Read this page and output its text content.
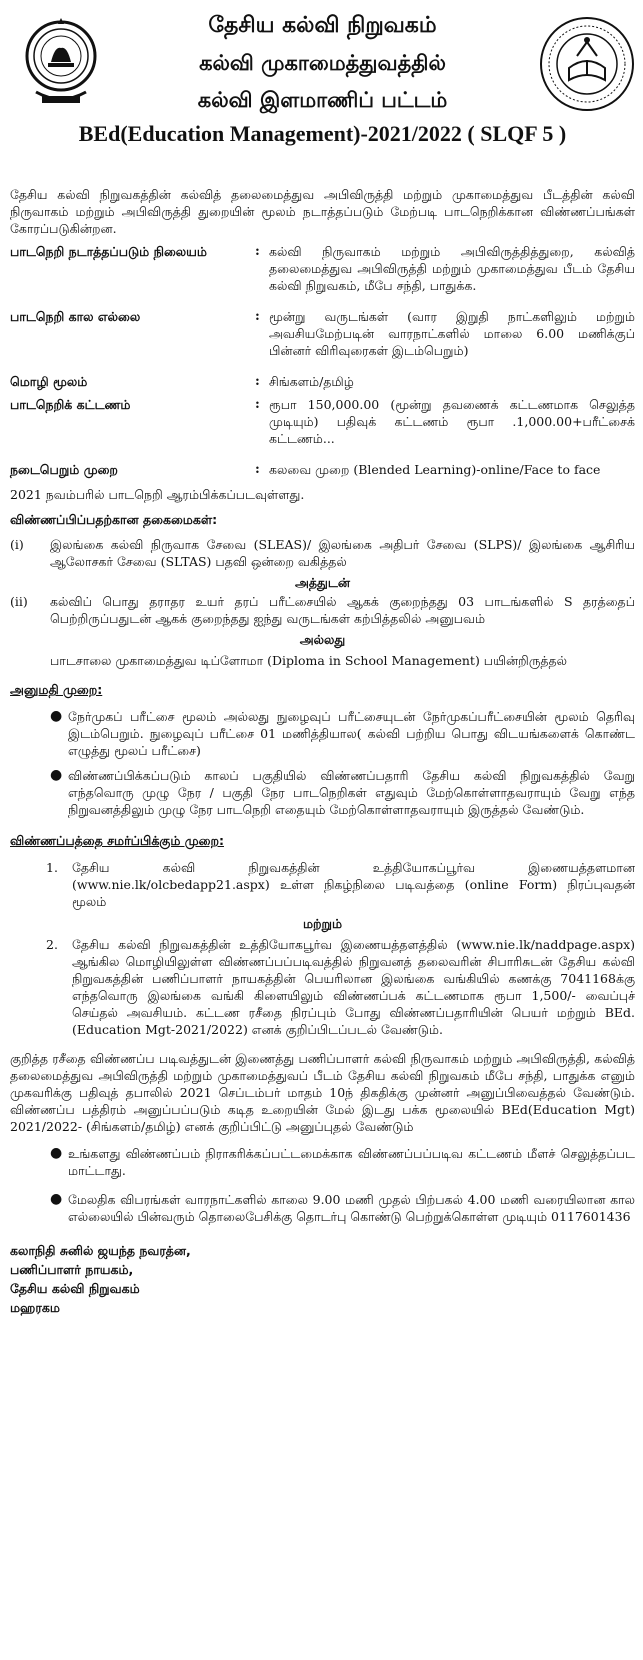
தேசிய கல்வி நிறுவகம்
கல்வி முகாமைத்துவத்தில்
கல்வி இளமாணிப் பட்டம்
BEd(Education Management)-2021/2022 ( SLQF 5 )

தேசிய கல்வி நிறுவகத்தின் கல்வித் தலைமைத்துவ அபிவிருத்தி மற்றும் முகாமைத்துவ பீடத்தின் கல்வி நிருவாகம் மற்றும் அபிவிருத்தி துறையின் மூலம் நடாத்தப்படும் மேற்படி பாடநெறிக்கான விண்ணப்பங்கள் கோரப்படுகின்றன.

பாடநெறி நடாத்தப்படும் நிலையம்	: கல்வி நிருவாகம் மற்றும் அபிவிருத்தித்துறை, கல்வித் தலைமைத்துவ அபிவிருத்தி மற்றும் முகாமைத்துவ பீடம் தேசிய கல்வி நிறுவகம், மீபே சந்தி, பாதுக்க.
பாடநெறி கால எல்லை	: மூன்று வருடங்கள் (வார இறுதி நாட்களிலும் மற்றும் அவசியமேற்படின் வாரநாட்களில் மாலை 6.00 மணிக்குப் பின்னர் விரிவுரைகள் இடம்பெறும்)
மொழி மூலம்	: சிங்களம்/தமிழ்
பாடநெறிக் கட்டணம்	: ரூபா 150,000.00 (மூன்று தவணைக் கட்டணமாக செலுத்த முடியும்) பதிவுக் கட்டணம் ரூபா .1,000.00+பரீட்சைக் கட்டணம்...
நடைபெறும் முறை	: கலவை முறை (Blended Learning)-online/Face to face

2021 நவம்பரில் பாடநெறி ஆரம்பிக்கப்படவுள்ளது.

விண்ணப்பிப்பதற்கான தகைமைகள்:
(i)	இலங்கை கல்வி நிருவாக சேவை (SLEAS)/ இலங்கை அதிபர் சேவை (SLPS)/ இலங்கை ஆசிரிய ஆலோசகர் சேவை (SLTAS) பதவி ஒன்றை வகித்தல்
அத்துடன்
(ii)	கல்விப் பொது தராதர உயர் தரப் பரீட்சையில் ஆகக் குறைந்தது 03 பாடங்களில் S தரத்தைப் பெற்றிருப்பதுடன் ஆகக் குறைந்தது ஐந்து வருடங்கள் கற்பித்தலில் அனுபவம்
அல்லது
பாடசாலை முகாமைத்துவ டிப்ளோமா (Diploma in School Management) பயின்றிருத்தல்
அனுமதி முறை:
● நேர்முகப் பரீட்சை மூலம் அல்லது நுழைவுப் பரீட்சையுடன் நேர்முகப்பரீட்சையின் மூலம் தெரிவு இடம்பெறும். நுழைவுப் பரீட்சை 01 மணித்தியால( கல்வி பற்றிய பொது விடயங்களைக் கொண்ட எழுத்து மூலப் பரீட்சை)
● விண்ணப்பிக்கப்படும் காலப் பகுதியில் விண்ணப்பதாரி தேசிய கல்வி நிறுவகத்தில் வேறு எந்தவொரு முழு நேர / பகுதி நேர பாடநெறிகள் எதுவும் மேற்கொள்ளாதவராயும் வேறு எந்த நிறுவனத்திலும் முழு நேர பாடநெறி எதையும் மேற்கொள்ளாதவராயும் இருத்தல் வேண்டும்.
விண்ணப்பத்தை சமர்ப்பிக்கும் முறை:
1.	தேசிய கல்வி நிறுவகத்தின் உத்தியோகப்பூர்வ இணையத்தளமான (www.nie.lk/olcbedapp21.aspx) உள்ள நிகழ்நிலை படிவத்தை (online Form) நிரப்புவதன் மூலம்
மற்றும்
2.	தேசிய கல்வி நிறுவகத்தின் உத்தியோகபூர்வ இணையத்தளத்தில் (www.nie.lk/naddpage.aspx) ஆங்கில மொழியிலுள்ள விண்ணப்பப்படிவத்தில் நிறுவனத் தலைவரின் சிபாரிசுடன் தேசிய கல்வி நிறுவகத்தின் பணிப்பாளர் நாயகத்தின் பெயரிலான இலங்கை வங்கியில் கணக்கு 7041168க்கு எந்தவொரு இலங்கை வங்கி கிளையிலும் விண்ணப்பக் கட்டணமாக ரூபா 1,500/- வைப்புச் செய்தல் அவசியம். கட்டண ரசீதை நிரப்பும் போது விண்ணப்பதாரியின் பெயர் மற்றும் BEd. (Education Mgt-2021/2022) எனக் குறிப்பிடப்படல் வேண்டும்.

குறித்த ரசீதை விண்ணப்ப படிவத்துடன் இணைத்து பணிப்பாளர் கல்வி நிருவாகம் மற்றும் அபிவிருத்தி, கல்வித் தலைமைத்துவ அபிவிருத்தி மற்றும் முகாமைத்துவப் பீடம் தேசிய கல்வி நிறுவகம் மீபே சந்தி, பாதுக்க எனும் முகவரிக்கு பதிவுத் தபாலில் 2021 செப்டம்பர் மாதம் 10ந் திகதிக்கு முன்னர் அனுப்பிவைத்தல் வேண்டும். விண்ணப்ப பத்திரம் அனுப்பப்படும் கடித உறையின் மேல் இடது பக்க மூலையில் BEd(Education Mgt) 2021/2022- (சிங்களம்/தமிழ்) எனக் குறிப்பிட்டு அனுப்புதல் வேண்டும்

● உங்களது விண்ணப்பம் நிராகரிக்கப்பட்டமைக்காக விண்ணப்பப்படிவ கட்டணம் மீளச் செலுத்தப்பட மாட்டாது.
● மேலதிக விபரங்கள் வாரநாட்களில் காலை 9.00 மணி முதல் பிற்பகல் 4.00 மணி வரையிலான கால எல்லையில் பின்வரும் தொலைபேசிக்கு தொடர்பு கொண்டு பெற்றுக்கொள்ள முடியும் 0117601436
கலாநிதி சுனில் ஜயந்த நவரத்ன,
பணிப்பாளர் நாயகம்,
தேசிய கல்வி நிறுவகம்
மஹரகம
